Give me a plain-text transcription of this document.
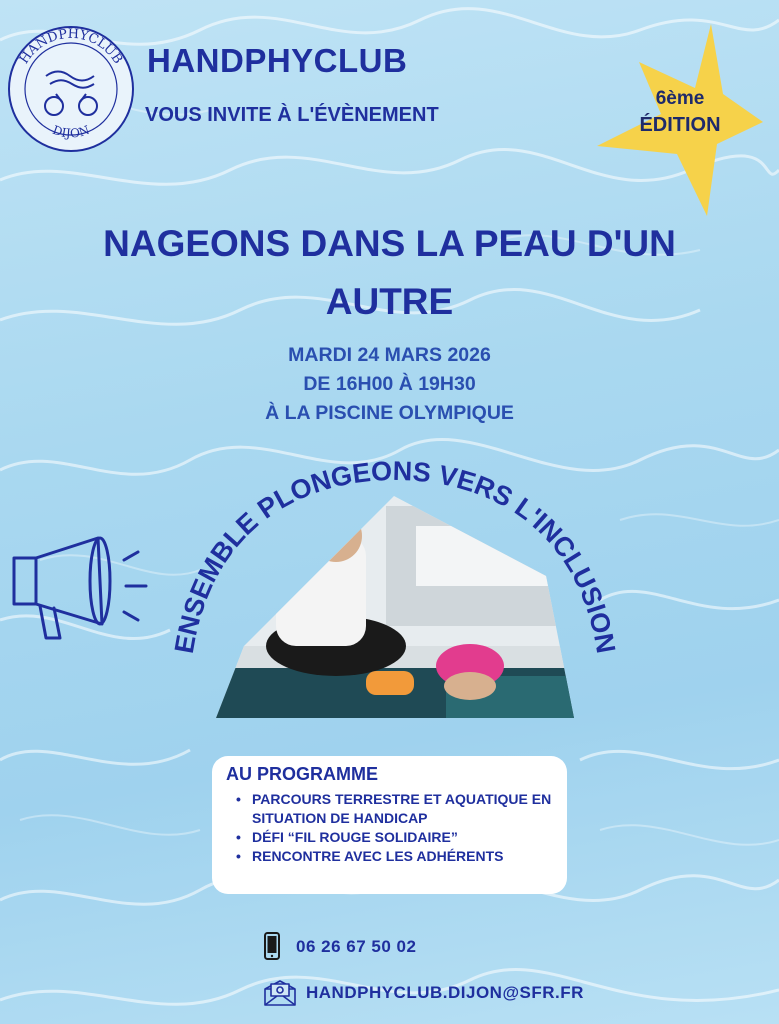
HANDPHYCLUB
DIJON
HANDPHYCLUB
VOUS INVITE À L'ÉVÈNEMENT
6ème
ÉDITION
NAGEONS DANS LA PEAU D'UN
AUTRE
MARDI 24 MARS 2026
DE 16H00 À 19H30
À LA PISCINE OLYMPIQUE
ENSEMBLE PLONGEONS VERS L'INCLUSION
AU PROGRAMME
• PARCOURS TERRESTRE ET AQUATIQUE EN SITUATION DE HANDICAP
• DÉFI “FIL ROUGE SOLIDAIRE”
• RENCONTRE AVEC LES ADHÉRENTS
06 26 67 50 02
HANDPHYCLUB.DIJON@SFR.FR
